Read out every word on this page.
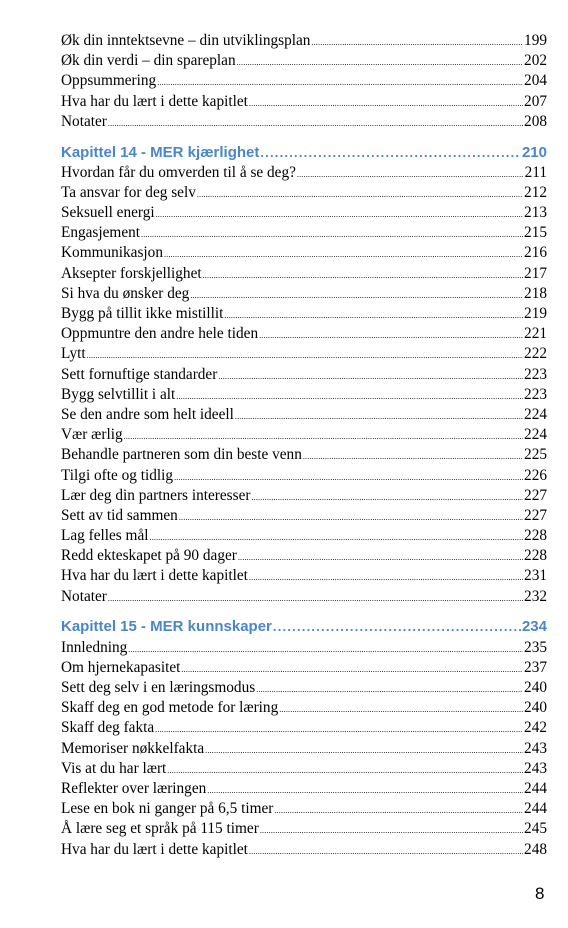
Øk din inntektsevne – din utviklingsplan .....	199
Øk din verdi – din spareplan .....	202
Oppsummering .....	204
Hva har du lært i dette kapitlet .....	207
Notater .....	208
Kapittel 14 - MER kjærlighet .....	210
Hvordan får du omverden til å se deg? .....	211
Ta ansvar for deg selv .....	212
Seksuell energi .....	213
Engasjement .....	215
Kommunikasjon .....	216
Aksepter forskjellighet .....	217
Si hva du ønsker deg .....	218
Bygg på tillit ikke mistillit .....	219
Oppmuntre den andre hele tiden .....	221
Lytt .....	222
Sett fornuftige standarder .....	223
Bygg selvtillit i alt .....	223
Se den andre som helt ideell .....	224
Vær ærlig .....	224
Behandle partneren som din beste venn .....	225
Tilgi ofte og tidlig .....	226
Lær deg din partners interesser .....	227
Sett av tid sammen .....	227
Lag felles mål .....	228
Redd ekteskapet på 90 dager .....	228
Hva har du lært i dette kapitlet .....	231
Notater .....	232
Kapittel 15 - MER kunnskaper .....	234
Innledning .....	235
Om hjernekapasitet .....	237
Sett deg selv i en læringsmodus .....	240
Skaff deg en god metode for læring .....	240
Skaff deg fakta .....	242
Memoriser nøkkelfakta .....	243
Vis at du har lært .....	243
Reflekter over læringen .....	244
Lese en bok ni ganger på 6,5 timer .....	244
Å lære seg et språk på 115 timer .....	245
Hva har du lært i dette kapitlet .....	248
8
